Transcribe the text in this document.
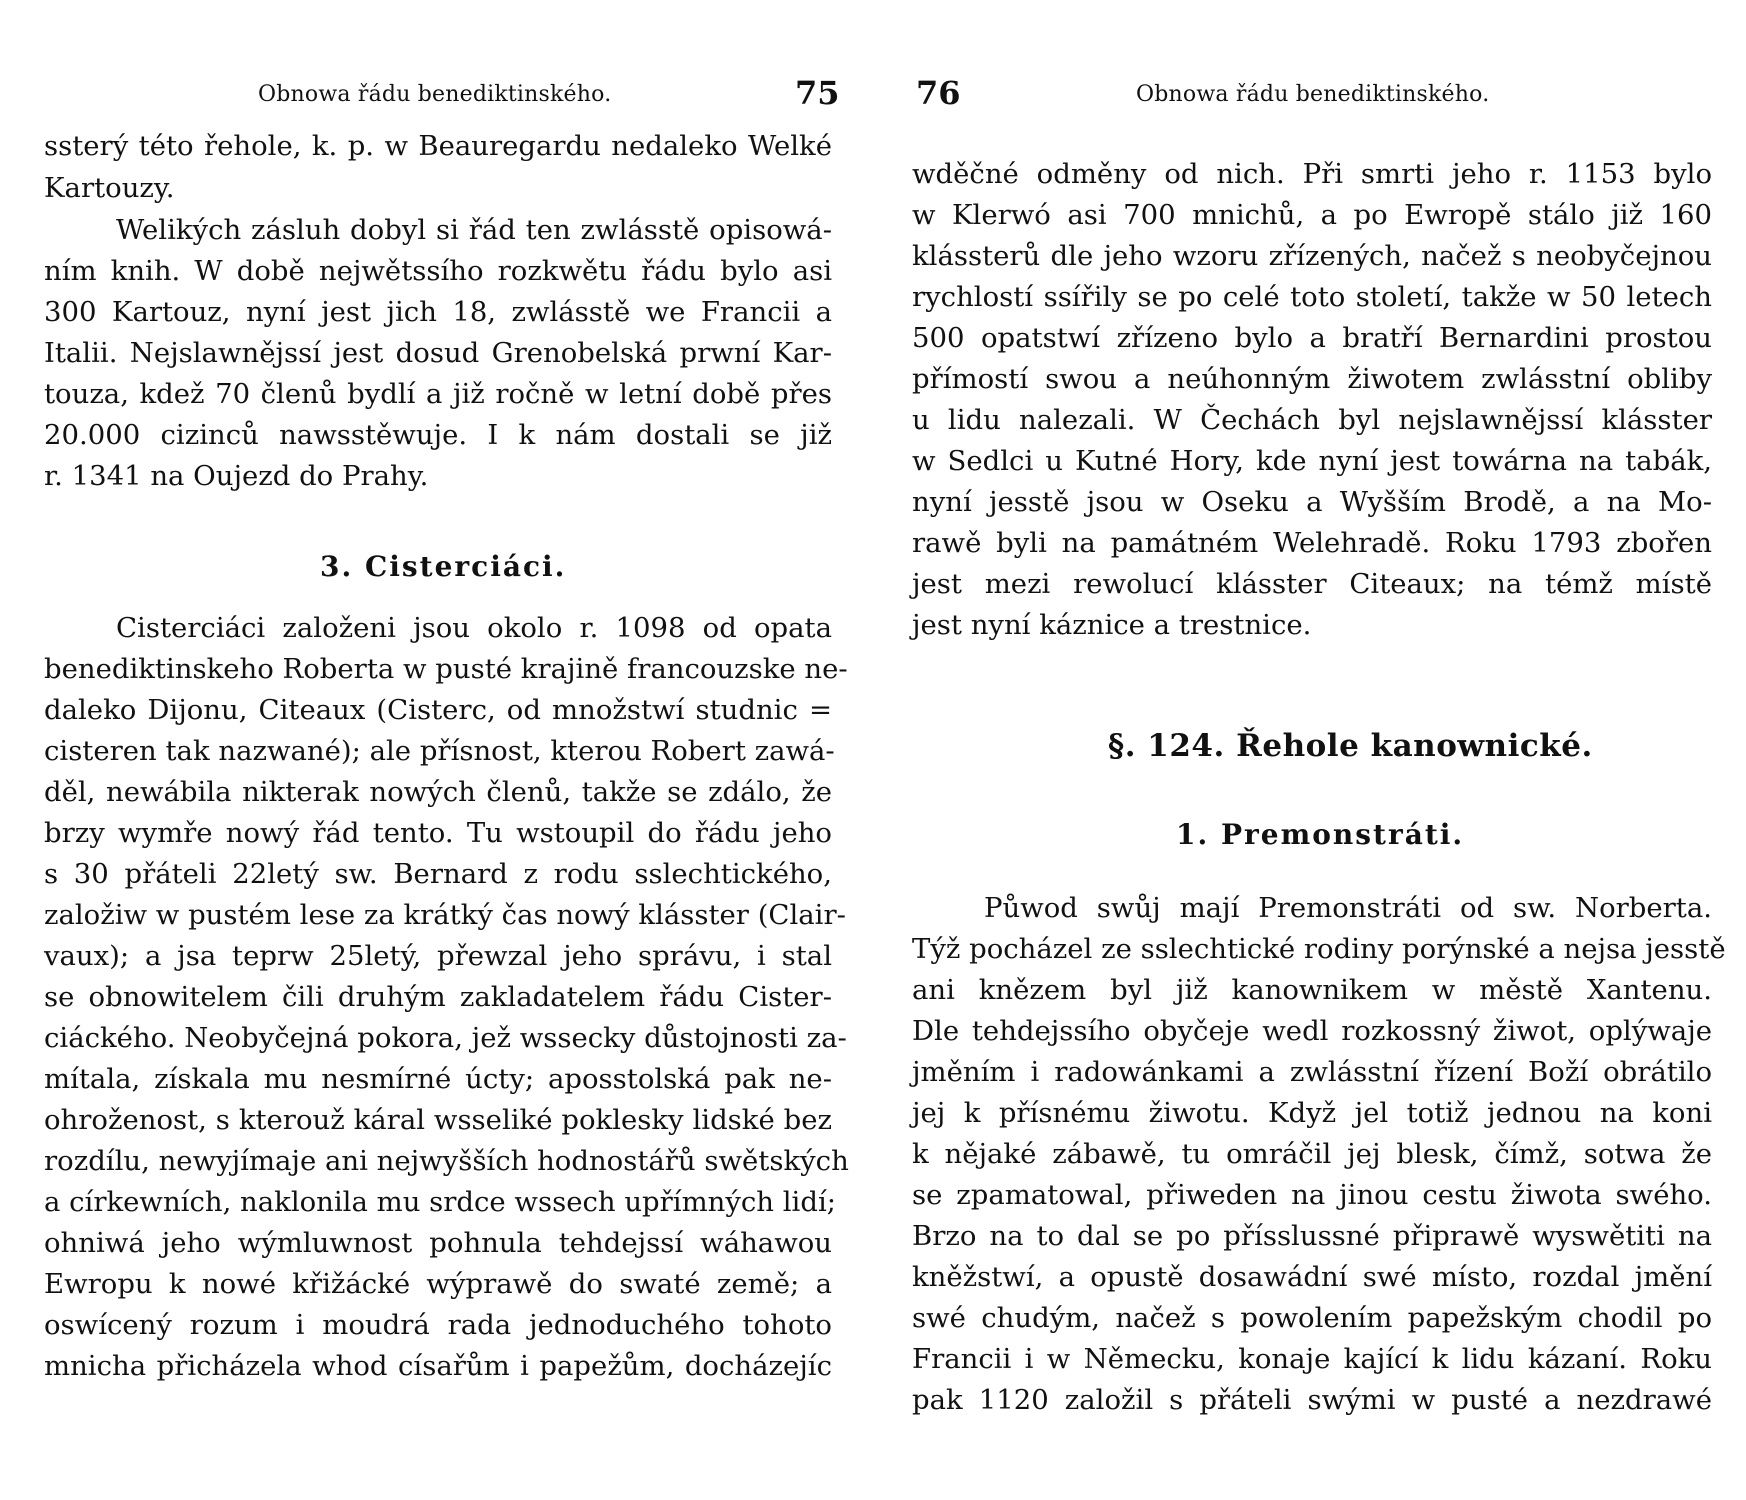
Obnowa řádu benediktinského.	75
ssterý této řehole, k. p. w Beauregardu nedaleko Welké
Kartouzy.
Welikých zásluh dobyl si řád ten zwlásstě opisowá-
ním knih. W době nejwětssího rozkwětu řádu bylo asi
300 Kartouz, nyní jest jich 18, zwlásstě we Francii a
Italii. Nejslawnějssí jest dosud Grenobelská prwní Kar-
touza, kdež 70 členů bydlí a již ročně w letní době přes
20.000 cizinců nawsstěwuje. I k nám dostali se již
r. 1341 na Oujezd do Prahy.
3. Cisterciáci.
Cisterciáci založeni jsou okolo r. 1098 od opata
benediktinskeho Roberta w pusté krajině francouzske ne-
daleko Dijonu, Citeaux (Cisterc, od množstwí studnic =
cisteren tak nazwané); ale přísnost, kterou Robert zawá-
děl, newábila nikterak nowých členů, takže se zdálo, že
brzy wymře nowý řád tento. Tu wstoupil do řádu jeho
s 30 přáteli 22letý sw. Bernard z rodu sslechtického,
založiw w pustém lese za krátký čas nowý klásster (Clair-
vaux); a jsa teprw 25letý, přewzal jeho správu, i stal
se obnowitelem čili druhým zakladatelem řádu Cister-
ciáckého. Neobyčejná pokora, jež wssecky důstojnosti za-
mítala, získala mu nesmírné úcty; aposstolská pak ne-
ohroženost, s kterouž káral wsseliké poklesky lidské bez
rozdílu, newyjímaje ani nejwyšších hodnostářů swětských
a církewních, naklonila mu srdce wssech upřímných lidí;
ohniwá jeho wýmluwnost pohnula tehdejssí wáhawou
Ewropu k nowé křižácké wýprawě do swaté země; a
oswícený rozum i moudrá rada jednoduchého tohoto
mnicha přicházela whod císařům i papežům, docházejíc
76	Obnowa řádu benediktinského.
wděčné odměny od nich. Při smrti jeho r. 1153 bylo
w Klerwó asi 700 mnichů, a po Ewropě stálo již 160
klássterů dle jeho wzoru zřízených, načež s neobyčejnou
rychlostí ssířily se po celé toto století, takže w 50 letech
500 opatstwí zřízeno bylo a bratří Bernardini prostou
přímostí swou a neúhonným žiwotem zwlásstní obliby
u lidu nalezali. W Čechách byl nejslawnějssí klásster
w Sedlci u Kutné Hory, kde nyní jest towárna na tabák,
nyní jesstě jsou w Oseku a Wyšším Brodě, a na Mo-
rawě byli na památném Welehradě. Roku 1793 zbořen
jest mezi rewolucí klásster Citeaux; na témž místě
jest nyní káznice a trestnice.
§. 124. Řehole kanownické.
1. Premonstráti.
Půwod swůj mají Premonstráti od sw. Norberta.
Týž pocházel ze sslechtické rodiny porýnské a nejsa jesstě
ani knězem byl již kanownikem w městě Xantenu.
Dle tehdejssího obyčeje wedl rozkossný žiwot, oplýwaje
jměním i radowánkami a zwlásstní řízení Boží obrátilo
jej k přísnému žiwotu. Když jel totiž jednou na koni
k nějaké zábawě, tu omráčil jej blesk, čímž, sotwa že
se zpamatowal, přiweden na jinou cestu žiwota swého.
Brzo na to dal se po přísslussné připrawě wyswětiti na
kněžstwí, a opustě dosawádní swé místo, rozdal jmění
swé chudým, načež s powolením papežským chodil po
Francii i w Německu, konaje kající k lidu kázaní. Roku
pak 1120 založil s přáteli swými w pusté a nezdrawé
